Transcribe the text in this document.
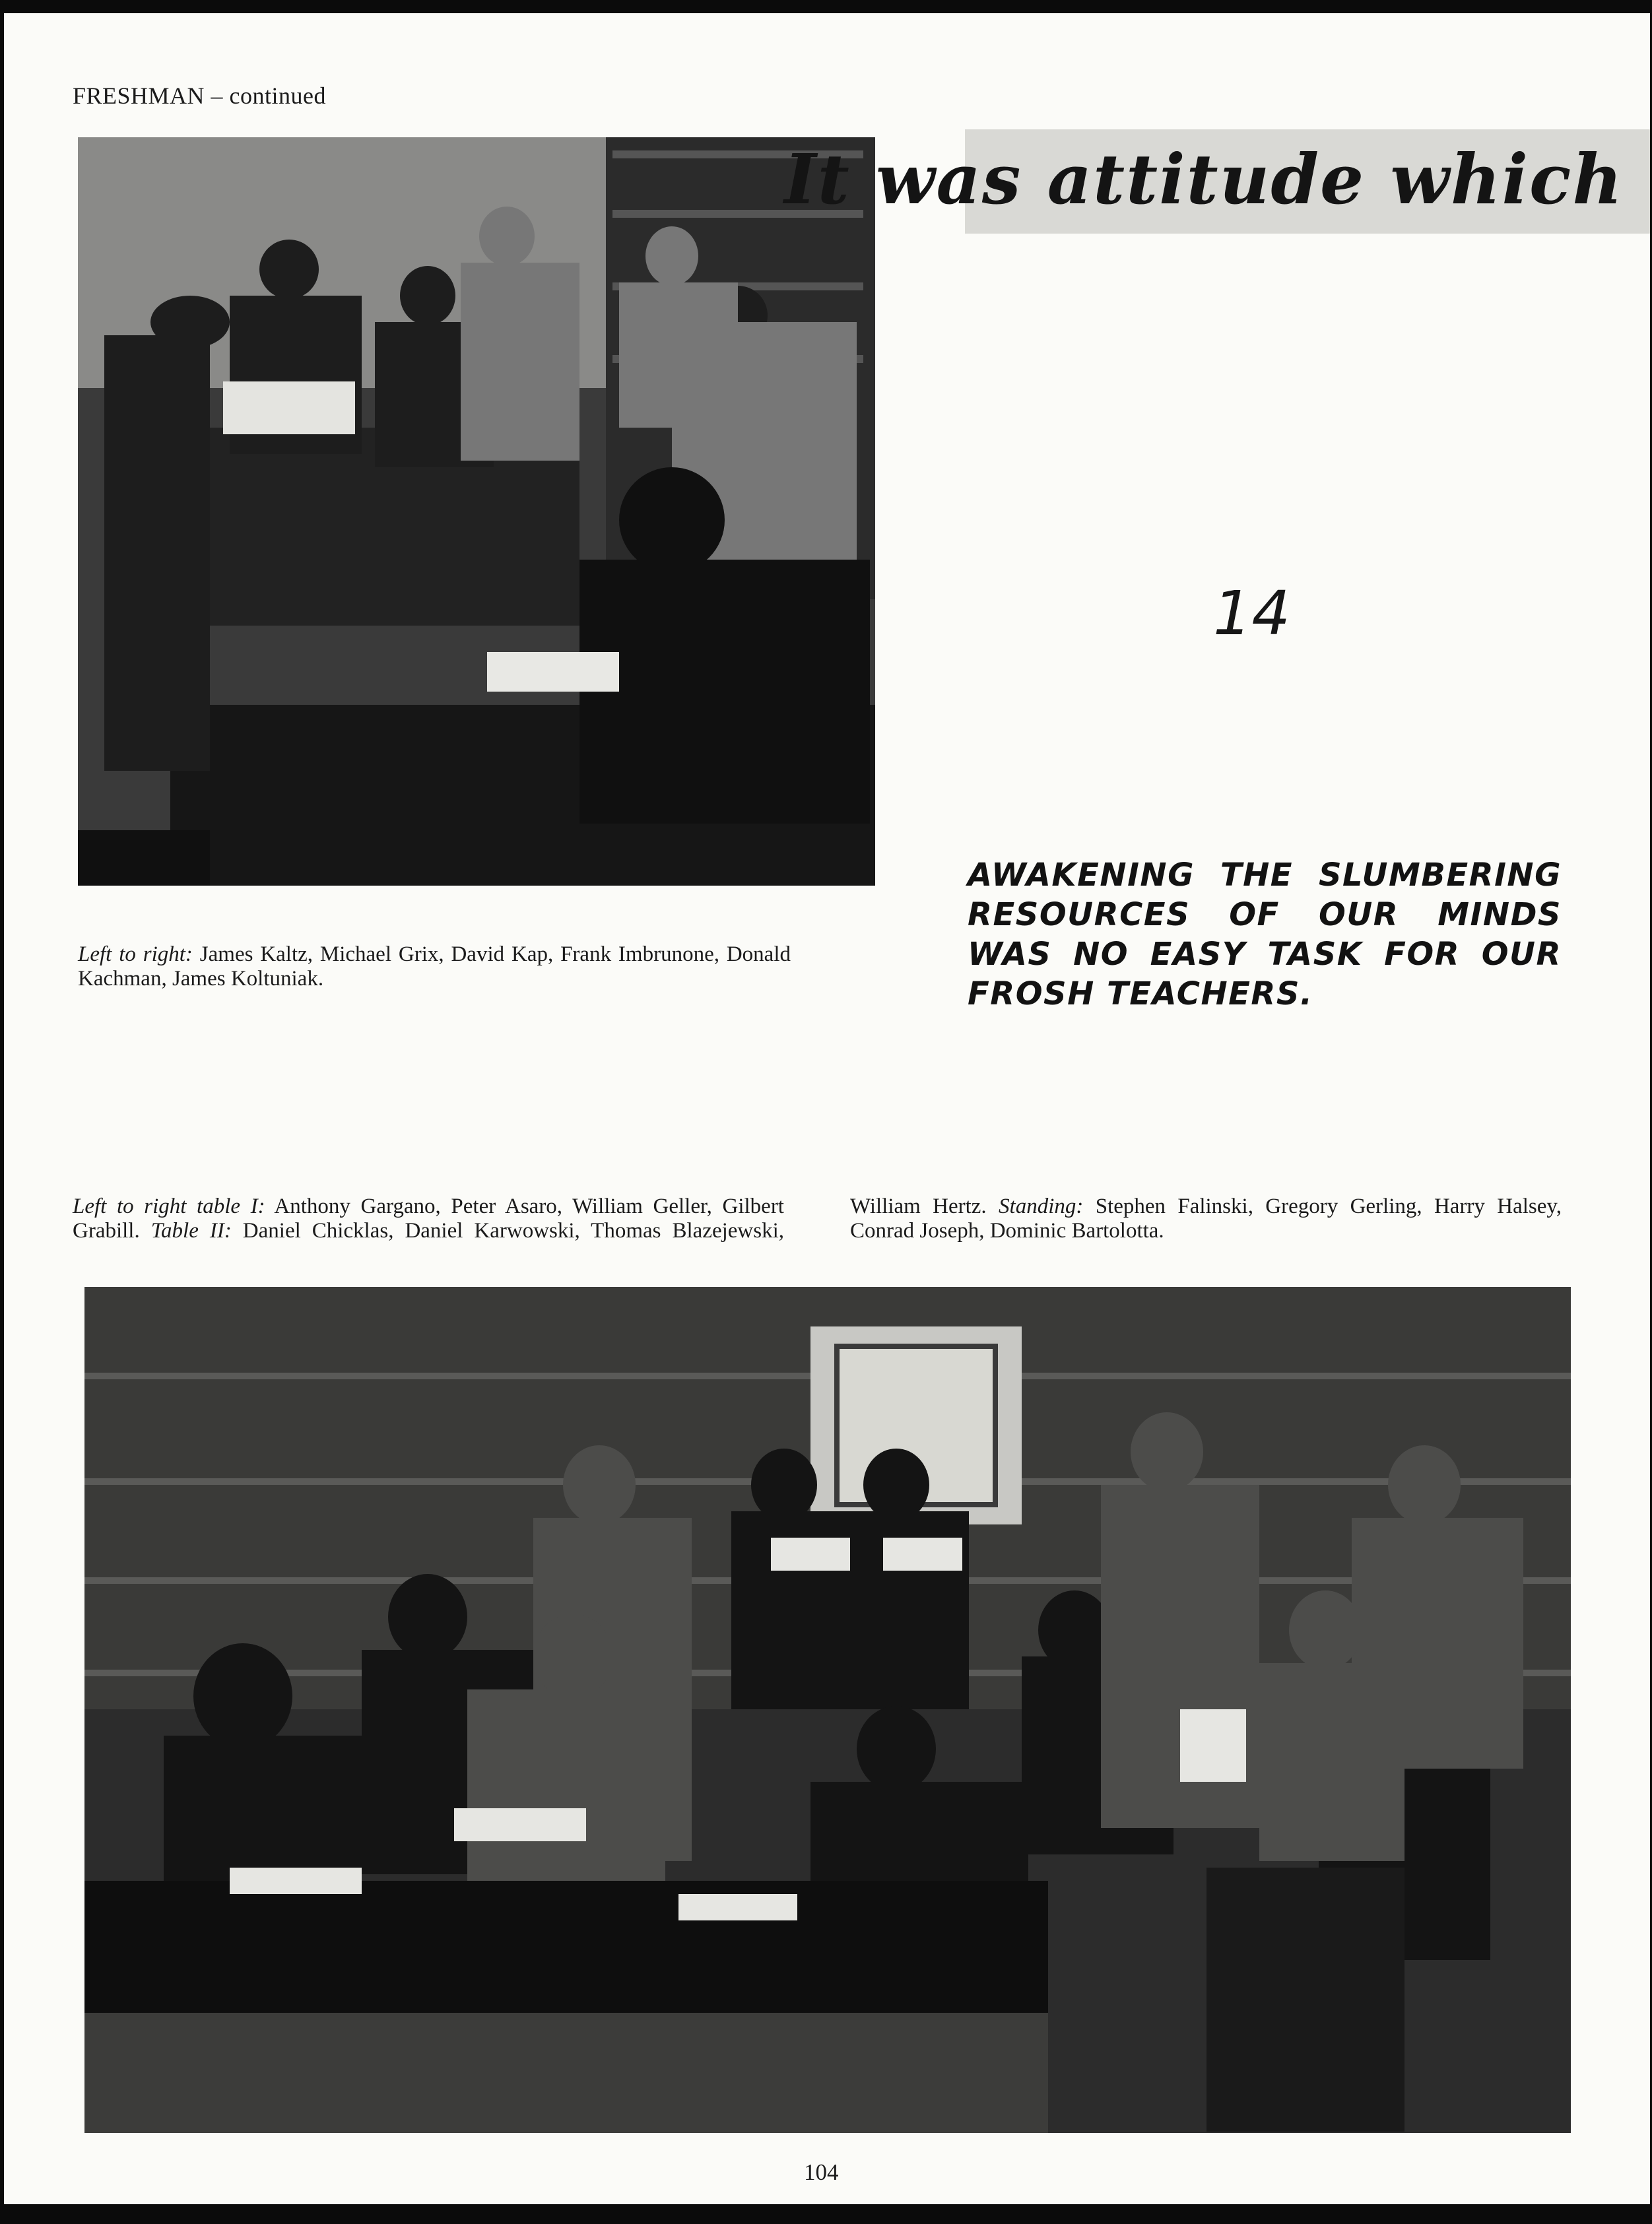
FRESHMAN – continued
Left to right: James Kaltz, Michael Grix, David Kap, Frank Imbrunone, Donald Kachman, James Koltuniak.
It was attitude which
14
AWAKENING THE SLUMBERING RESOURCES OF OUR MINDS WAS NO EASY TASK FOR OUR FROSH TEACHERS.
Left to right table I: Anthony Gargano, Peter Asaro, William Geller, Gilbert Grabill. Table II: Daniel Chicklas, Daniel Karwowski, Thomas Blazejewski, William Hertz. Standing: Stephen Falinski, Gregory Gerling, Harry Halsey, Conrad Joseph, Dominic Bartolotta.
104
